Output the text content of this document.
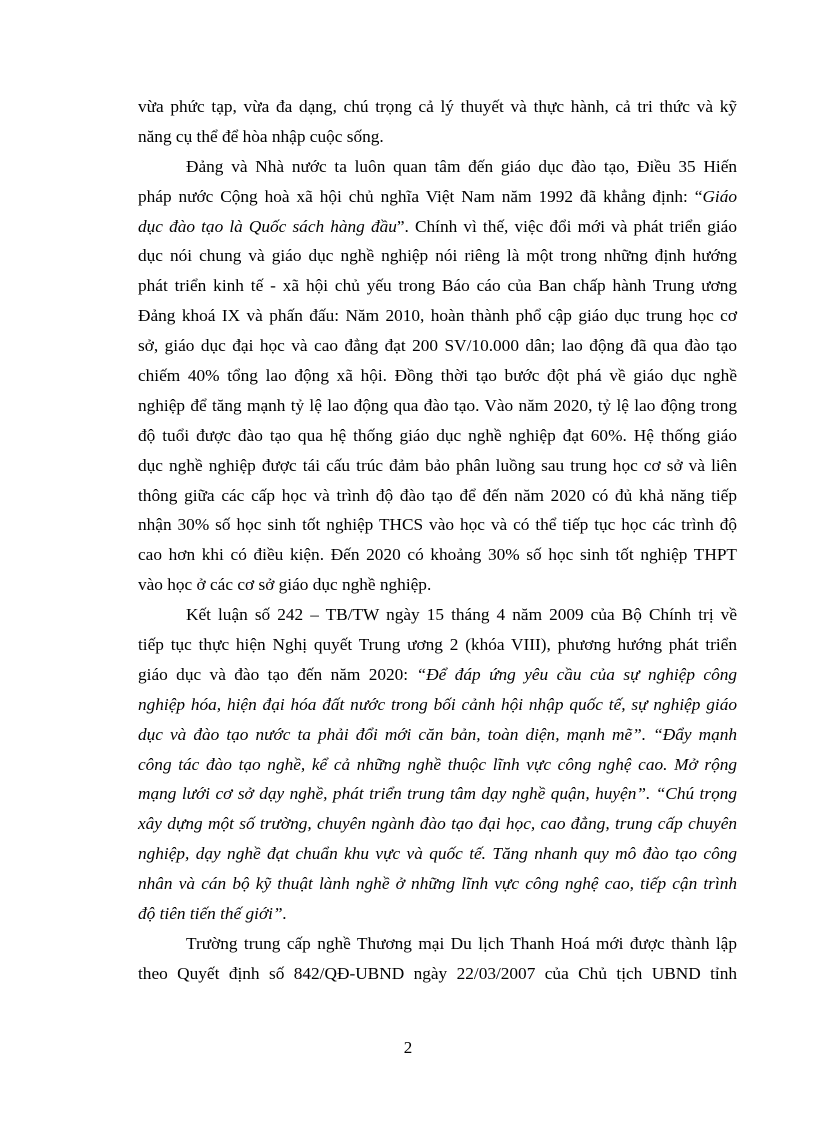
vừa phức tạp, vừa đa dạng, chú trọng cả lý thuyết và thực hành, cả tri thức và kỹ
năng cụ thể để hòa nhập cuộc sống.
Đảng và Nhà nước ta luôn quan tâm đến giáo dục đào tạo, Điều 35 Hiến
pháp nước Cộng hoà xã hội chủ nghĩa Việt Nam năm 1992 đã khẳng định: “Giáo
dục đào tạo là Quốc sách hàng đầu”. Chính vì thế, việc đổi mới và phát triển giáo
dục nói chung và giáo dục nghề nghiệp nói riêng là một trong những định hướng
phát triển kinh tế - xã hội chủ yếu trong Báo cáo của Ban chấp hành Trung ương
Đảng khoá IX và phấn đấu: Năm 2010, hoàn thành phổ cập giáo dục trung học cơ
sở, giáo dục đại học và cao đẳng đạt 200 SV/10.000 dân; lao động đã qua đào tạo
chiếm 40% tổng lao động xã hội. Đồng thời tạo bước đột phá về giáo dục nghề
nghiệp để tăng mạnh tỷ lệ lao động qua đào tạo. Vào năm 2020, tỷ lệ lao động trong
độ tuổi được đào tạo qua hệ thống giáo dục nghề nghiệp đạt 60%. Hệ thống giáo
dục nghề nghiệp được tái cấu trúc đảm bảo phân luồng sau trung học cơ sở và liên
thông giữa các cấp học và trình độ đào tạo để đến năm 2020 có đủ khả năng tiếp
nhận 30% số học sinh tốt nghiệp THCS vào học và có thể tiếp tục học các trình độ
cao hơn khi có điều kiện. Đến 2020 có khoảng 30% số học sinh tốt nghiệp THPT
vào học ở các cơ sở giáo dục nghề nghiệp.
Kết luận số 242 – TB/TW ngày 15 tháng 4 năm 2009 của Bộ Chính trị về
tiếp tục thực hiện Nghị quyết Trung ương 2 (khóa VIII), phương hướng phát triển
giáo dục và đào tạo đến năm 2020: “Để đáp ứng yêu cầu của sự nghiệp công
nghiệp hóa, hiện đại hóa đất nước trong bối cảnh hội nhập quốc tế, sự nghiệp giáo
dục và đào tạo nước ta phải đổi mới căn bản, toàn diện, mạnh mẽ”. “Đẩy mạnh
công tác đào tạo nghề, kể cả những nghề thuộc lĩnh vực công nghệ cao. Mở rộng
mạng lưới cơ sở dạy nghề, phát triển trung tâm dạy nghề quận, huyện”. “Chú trọng
xây dựng một số trường, chuyên ngành đào tạo đại học, cao đẳng, trung cấp chuyên
nghiệp, dạy nghề đạt chuẩn khu vực và quốc tế. Tăng nhanh quy mô đào tạo công
nhân và cán bộ kỹ thuật lành nghề ở những lĩnh vực công nghệ cao, tiếp cận trình
độ tiên tiến thế giới”.
Trường trung cấp nghề Thương mại Du lịch Thanh Hoá mới được thành lập
theo Quyết định số 842/QĐ-UBND ngày 22/03/2007 của Chủ tịch UBND tỉnh
2
